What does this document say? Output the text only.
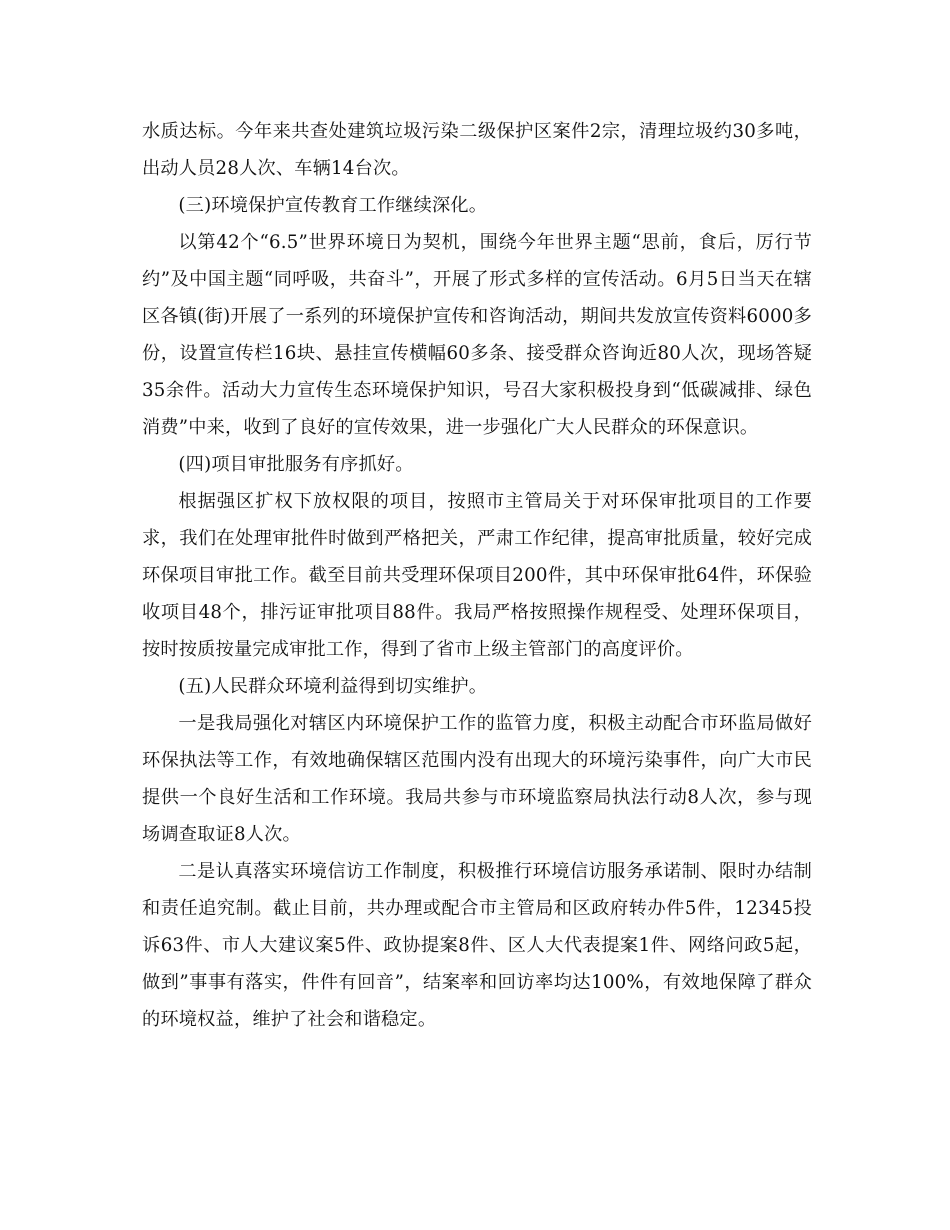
水质达标。今年来共查处建筑垃圾污染二级保护区案件2宗，清理垃圾约30多吨，出动人员28人次、车辆14台次。

(三)环境保护宣传教育工作继续深化。

以第42个“6.5”世界环境日为契机，围绕今年世界主题“思前，食后，厉行节约”及中国主题“同呼吸，共奋斗”，开展了形式多样的宣传活动。6月5日当天在辖区各镇(街)开展了一系列的环境保护宣传和咨询活动，期间共发放宣传资料6000多份，设置宣传栏16块、悬挂宣传横幅60多条、接受群众咨询近80人次，现场答疑35余件。活动大力宣传生态环境保护知识，号召大家积极投身到“低碳减排、绿色消费”中来，收到了良好的宣传效果，进一步强化广大人民群众的环保意识。

(四)项目审批服务有序抓好。

根据强区扩权下放权限的项目，按照市主管局关于对环保审批项目的工作要求，我们在处理审批件时做到严格把关，严肃工作纪律，提高审批质量，较好完成环保项目审批工作。截至目前共受理环保项目200件，其中环保审批64件，环保验收项目48个，排污证审批项目88件。我局严格按照操作规程受、处理环保项目，按时按质按量完成审批工作，得到了省市上级主管部门的高度评价。

(五)人民群众环境利益得到切实维护。

一是我局强化对辖区内环境保护工作的监管力度，积极主动配合市环监局做好环保执法等工作，有效地确保辖区范围内没有出现大的环境污染事件，向广大市民提供一个良好生活和工作环境。我局共参与市环境监察局执法行动8人次，参与现场调查取证8人次。

二是认真落实环境信访工作制度，积极推行环境信访服务承诺制、限时办结制和责任追究制。截止目前，共办理或配合市主管局和区政府转办件5件，12345投诉63件、市人大建议案5件、政协提案8件、区人大代表提案1件、网络问政5起，做到”事事有落实，件件有回音”，结案率和回访率均达100%，有效地保障了群众的环境权益，维护了社会和谐稳定。
